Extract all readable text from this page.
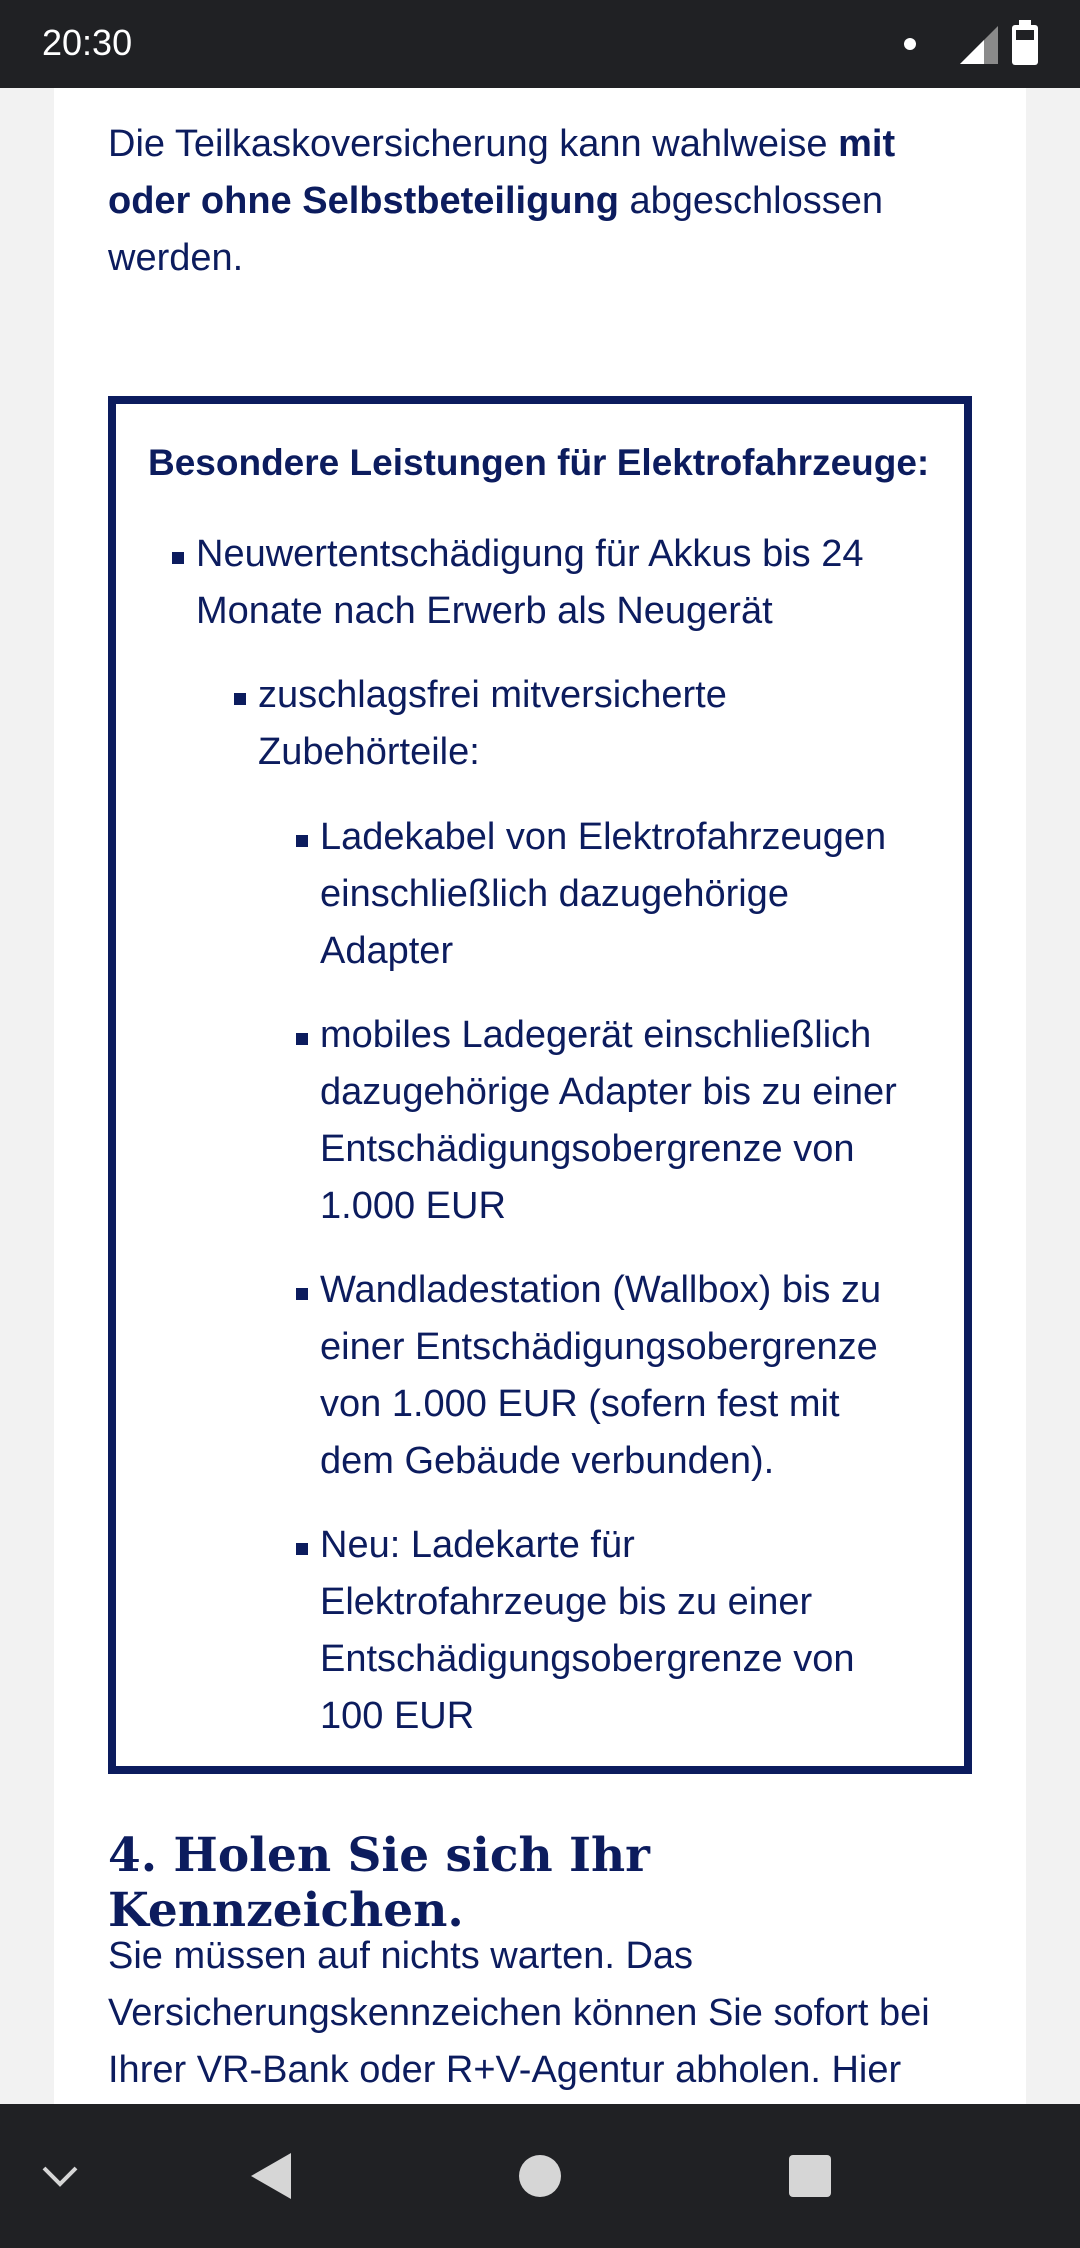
20:30

Die Teilkaskoversicherung kann wahlweise mit oder ohne Selbstbeteiligung abgeschlossen werden.

Besondere Leistungen für Elektrofahrzeuge:

Neuwertentschädigung für Akkus bis 24 Monate nach Erwerb als Neugerät
zuschlagsfrei mitversicherte Zubehörteile:
Ladekabel von Elektrofahrzeugen einschließlich dazugehörige Adapter
mobiles Ladegerät einschließlich dazugehörige Adapter bis zu einer Entschädigungsobergrenze von 1.000 EUR
Wandladestation (Wallbox) bis zu einer Entschädigungsobergrenze von 1.000 EUR (sofern fest mit dem Gebäude verbunden).
Neu: Ladekarte für Elektrofahrzeuge bis zu einer Entschädigungsobergrenze von 100 EUR
4. Holen Sie sich Ihr Kennzeichen.

Sie müssen auf nichts warten. Das Versicherungskennzeichen können Sie sofort bei Ihrer VR-Bank oder R+V-Agentur abholen. Hier
